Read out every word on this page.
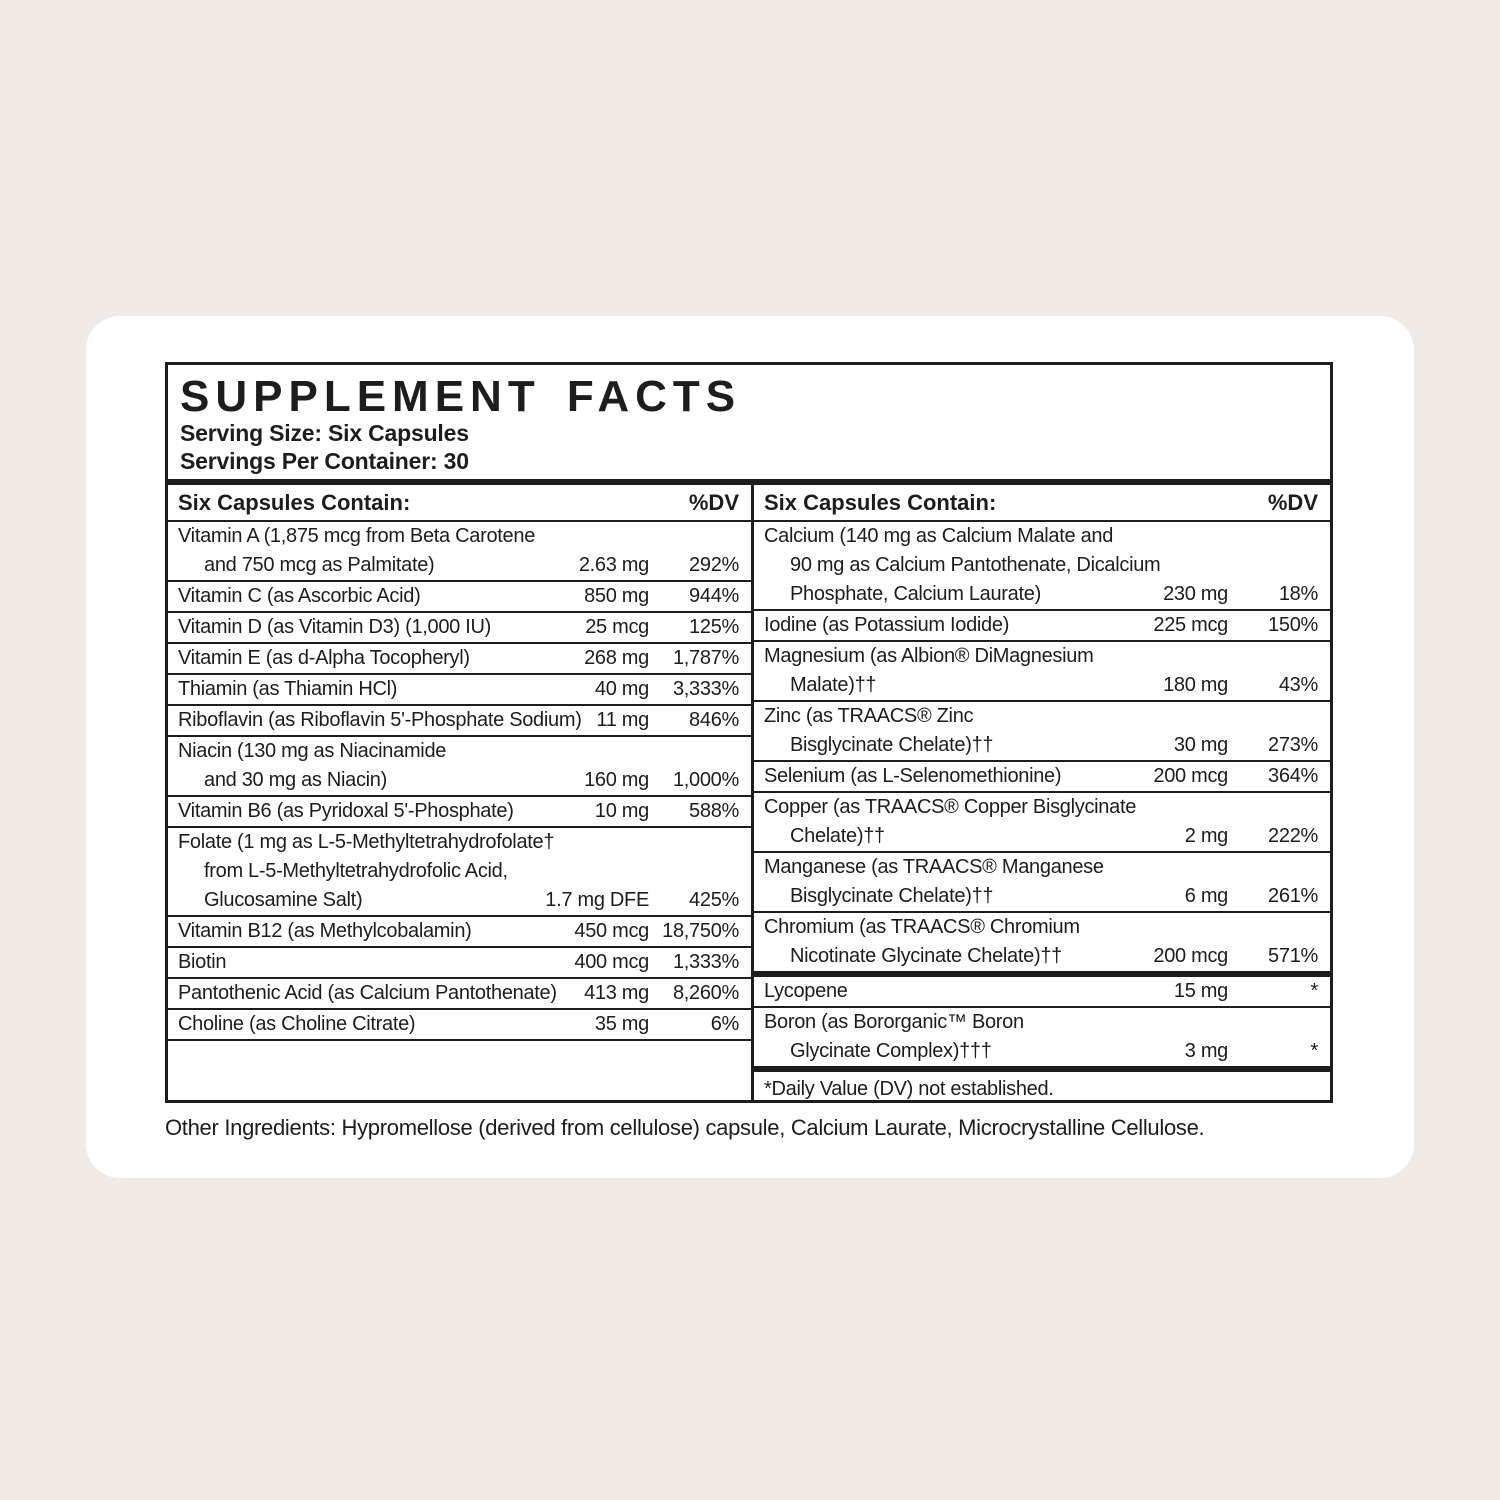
SUPPLEMENT FACTS
Serving Size: Six Capsules
Servings Per Container: 30
Six Capsules Contain:	%DV
Vitamin A (1,875 mcg from Beta Carotene
and 750 mcg as Palmitate)	2.63 mg	292%
Vitamin C (as Ascorbic Acid)	850 mg	944%
Vitamin D (as Vitamin D3) (1,000 IU)	25 mcg	125%
Vitamin E (as d-Alpha Tocopheryl)	268 mg	1,787%
Thiamin (as Thiamin HCl)	40 mg	3,333%
Riboflavin (as Riboflavin 5'-Phosphate Sodium) 11 mg	846%
Niacin (130 mg as Niacinamide
and 30 mg as Niacin)	160 mg	1,000%
Vitamin B6 (as Pyridoxal 5'-Phosphate)	10 mg	588%
Folate (1 mg as L-5-Methyltetrahydrofolate†
from L-5-Methyltetrahydrofolic Acid,
Glucosamine Salt)	1.7 mg DFE	425%
Vitamin B12 (as Methylcobalamin)	450 mcg 18,750%
Biotin	400 mcg	1,333%
Pantothenic Acid (as Calcium Pantothenate)	413 mg	8,260%
Choline (as Choline Citrate)	35 mg	6%
Six Capsules Contain:	%DV
Calcium (140 mg as Calcium Malate and
90 mg as Calcium Pantothenate, Dicalcium
Phosphate, Calcium Laurate)	230 mg	18%
Iodine (as Potassium Iodide)	225 mcg	150%
Magnesium (as Albion® DiMagnesium
Malate)††	180 mg	43%
Zinc (as TRAACS® Zinc
Bisglycinate Chelate)††	30 mg	273%
Selenium (as L-Selenomethionine)	200 mcg	364%
Copper (as TRAACS® Copper Bisglycinate
Chelate)††	2 mg	222%
Manganese (as TRAACS® Manganese
Bisglycinate Chelate)††	6 mg	261%
Chromium (as TRAACS® Chromium
Nicotinate Glycinate Chelate)††	200 mcg	571%
Lycopene	15 mg	*
Boron (as Bororganic™ Boron
Glycinate Complex)†††	3 mg	*
*Daily Value (DV) not established.
Other Ingredients: Hypromellose (derived from cellulose) capsule, Calcium Laurate, Microcrystalline Cellulose.
